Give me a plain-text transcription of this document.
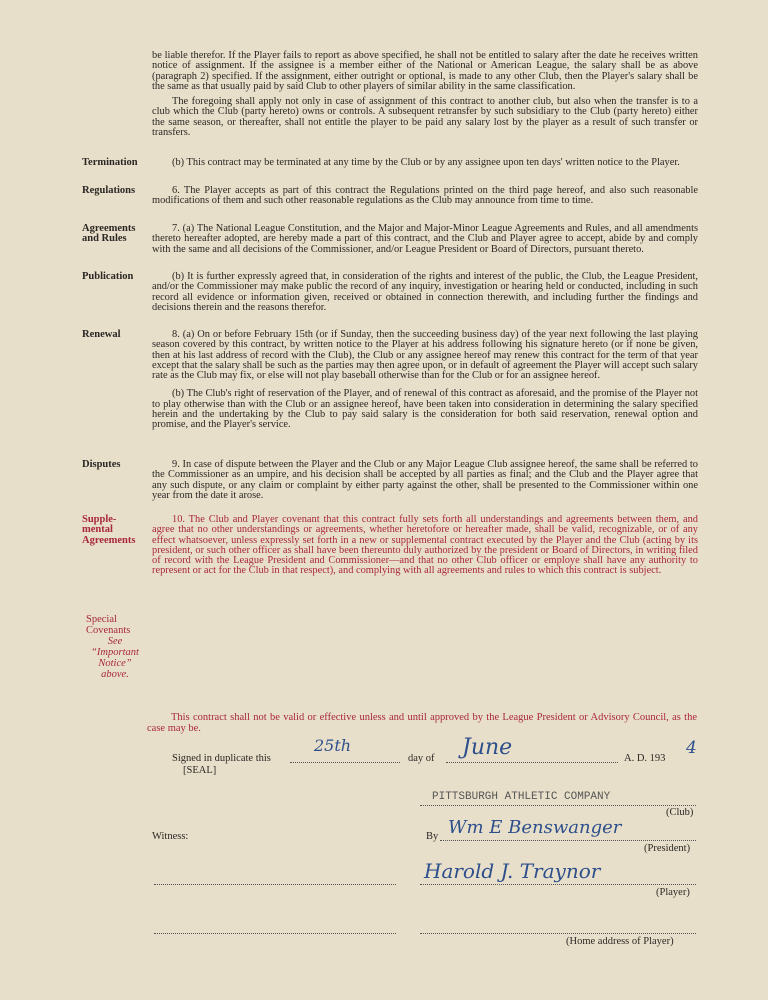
be liable therefor. If the Player fails to report as above specified, he shall not be entitled to salary after the date he receives written notice of assignment. If the assignee is a member either of the National or American League, the salary shall be as above (paragraph 2) specified. If the assignment, either outright or optional, is made to any other Club, then the Player's salary shall be the same as that usually paid by said Club to other players of similar ability in the same classification.

The foregoing shall apply not only in case of assignment of this contract to another club, but also when the transfer is to a club which the Club (party hereto) owns or controls. A subsequent retransfer by such subsidiary to the Club (party hereto) either the same season, or thereafter, shall not entitle the player to be paid any salary lost by the player as a result of such transfer or transfers.

Termination	(b) This contract may be terminated at any time by the Club or by any assignee upon ten days' written notice to the Player.

Regulations	6. The Player accepts as part of this contract the Regulations printed on the third page hereof, and also such reasonable modifications of them and such other reasonable regulations as the Club may announce from time to time.

Agreements
and Rules

7. (a) The National League Constitution, and the Major and Major-Minor League Agreements and Rules, and all amendments thereto hereafter adopted, are hereby made a part of this contract, and the Club and Player agree to accept, abide by and comply with the same and all decisions of the Commissioner, and/or League President or Board of Directors, pursuant thereto.

Publication	(b) It is further expressly agreed that, in consideration of the rights and interest of the public, the Club, the League President, and/or the Commissioner may make public the record of any inquiry, investigation or hearing held or conducted, including in such record all evidence or information given, received or obtained in connection therewith, and including further the findings and decisions therein and the reasons therefor.

Renewal	8. (a) On or before February 15th (or if Sunday, then the succeeding business day) of the year next following the last playing season covered by this contract, by written notice to the Player at his address following his signature hereto (or if none be given, then at his last address of record with the Club), the Club or any assignee hereof may renew this contract for the term of that year except that the salary shall be such as the parties may then agree upon, or in default of agreement the Player will accept such salary rate as the Club may fix, or else will not play baseball otherwise than for the Club or for an assignee hereof.

(b) The Club's right of reservation of the Player, and of renewal of this contract as aforesaid, and the promise of the Player not to play otherwise than with the Club or an assignee hereof, have been taken into consideration in determining the salary specified herein and the undertaking by the Club to pay said salary is the consideration for both said reservation, renewal option and promise, and the Player's service.

Disputes	9. In case of dispute between the Player and the Club or any Major League Club assignee hereof, the same shall be referred to the Commissioner as an umpire, and his decision shall be accepted by all parties as final; and the Club and the Player agree that any such dispute, or any claim or complaint by either party against the other, shall be presented to the Commissioner within one year from the date it arose.

Supple-
mental
Agreements

10. The Club and Player covenant that this contract fully sets forth all understandings and agreements between them, and agree that no other understandings or agreements, whether heretofore or hereafter made, shall be valid, recognizable, or of any effect whatsoever, unless expressly set forth in a new or supplemental contract executed by the Player and the Club (acting by its president, or such other officer as shall have been thereunto duly authorized by the president or Board of Directors, in writing filed of record with the League President and Commissioner—and that no other Club officer or employe shall have any authority to represent or act for the Club in that respect), and complying with all agreements and rules to which this contract is subject.

Special
Covenants
See
“Important
Notice”
above.
This contract shall not be valid or effective unless and until approved by the League President or Advisory Council, as the case may be.
Signed in duplicate this
25th
day of June	A. D. 193
4
[SEAL]
PITTSBURGH ATHLETIC COMPANY
(Club)
Witness:	By Wm E Benswanger
(President)
Harold J. Traynor
(Player)
(Home address of Player)
